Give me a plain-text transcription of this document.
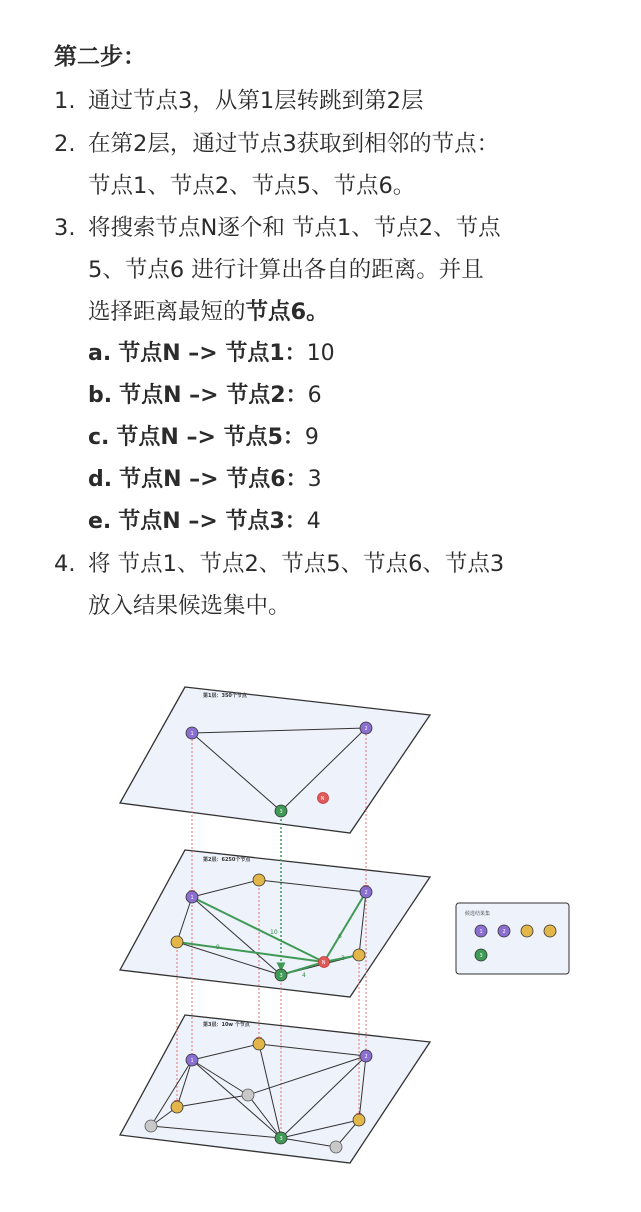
第二步：
1. 通过节点3，从第1层转跳到第2层
2. 在第2层，通过节点3获取到相邻的节点：
节点1、节点2、节点5、节点6。
3. 将搜索节点N逐个和 节点1、节点2、节点
5、节点6 进行计算出各自的距离。并且
选择距离最短的节点6。
a. 节点N –> 节点1：10
b. 节点N –> 节点2：6
c. 节点N –> 节点5：9
d. 节点N –> 节点6：3
e. 节点N –> 节点3：4
4. 将 节点1、节点2、节点5、节点6、节点3
放入结果候选集中。
第1层：350个节点
第2层：6250个节点
第3层：10w 个节点
10
6
9
4
3
1
2
3
N
1
2
3
N
1
2
3
候选结果集
1	2
3
